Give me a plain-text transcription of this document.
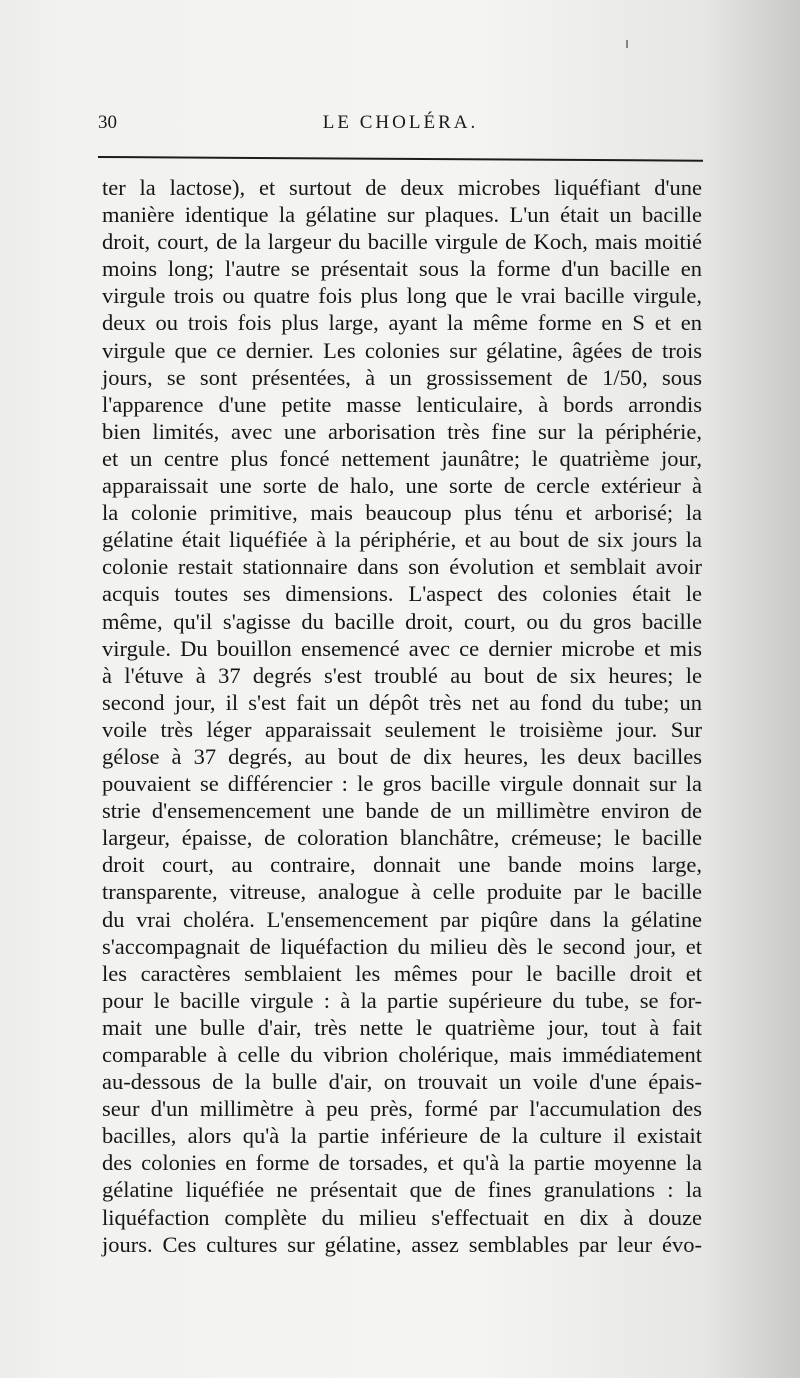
30	LE CHOLÉRA.
ter la lactose), et surtout de deux microbes liquéfiant d'une
manière identique la gélatine sur plaques. L'un était un bacille
droit, court, de la largeur du bacille virgule de Koch, mais moitié
moins long; l'autre se présentait sous la forme d'un bacille en
virgule trois ou quatre fois plus long que le vrai bacille virgule,
deux ou trois fois plus large, ayant la même forme en S et en
virgule que ce dernier. Les colonies sur gélatine, âgées de trois
jours, se sont présentées, à un grossissement de 1/50, sous
l'apparence d'une petite masse lenticulaire, à bords arrondis
bien limités, avec une arborisation très fine sur la périphérie,
et un centre plus foncé nettement jaunâtre; le quatrième jour,
apparaissait une sorte de halo, une sorte de cercle extérieur à
la colonie primitive, mais beaucoup plus ténu et arborisé; la
gélatine était liquéfiée à la périphérie, et au bout de six jours la
colonie restait stationnaire dans son évolution et semblait avoir
acquis toutes ses dimensions. L'aspect des colonies était le
même, qu'il s'agisse du bacille droit, court, ou du gros bacille
virgule. Du bouillon ensemencé avec ce dernier microbe et mis
à l'étuve à 37 degrés s'est troublé au bout de six heures; le
second jour, il s'est fait un dépôt très net au fond du tube; un
voile très léger apparaissait seulement le troisième jour. Sur
gélose à 37 degrés, au bout de dix heures, les deux bacilles
pouvaient se différencier : le gros bacille virgule donnait sur la
strie d'ensemencement une bande de un millimètre environ de
largeur, épaisse, de coloration blanchâtre, crémeuse; le bacille
droit court, au contraire, donnait une bande moins large,
transparente, vitreuse, analogue à celle produite par le bacille
du vrai choléra. L'ensemencement par piqûre dans la gélatine
s'accompagnait de liquéfaction du milieu dès le second jour, et
les caractères semblaient les mêmes pour le bacille droit et
pour le bacille virgule : à la partie supérieure du tube, se for-
mait une bulle d'air, très nette le quatrième jour, tout à fait
comparable à celle du vibrion cholérique, mais immédiatement
au-dessous de la bulle d'air, on trouvait un voile d'une épais-
seur d'un millimètre à peu près, formé par l'accumulation des
bacilles, alors qu'à la partie inférieure de la culture il existait
des colonies en forme de torsades, et qu'à la partie moyenne la
gélatine liquéfiée ne présentait que de fines granulations : la
liquéfaction complète du milieu s'effectuait en dix à douze
jours. Ces cultures sur gélatine, assez semblables par leur évo-
